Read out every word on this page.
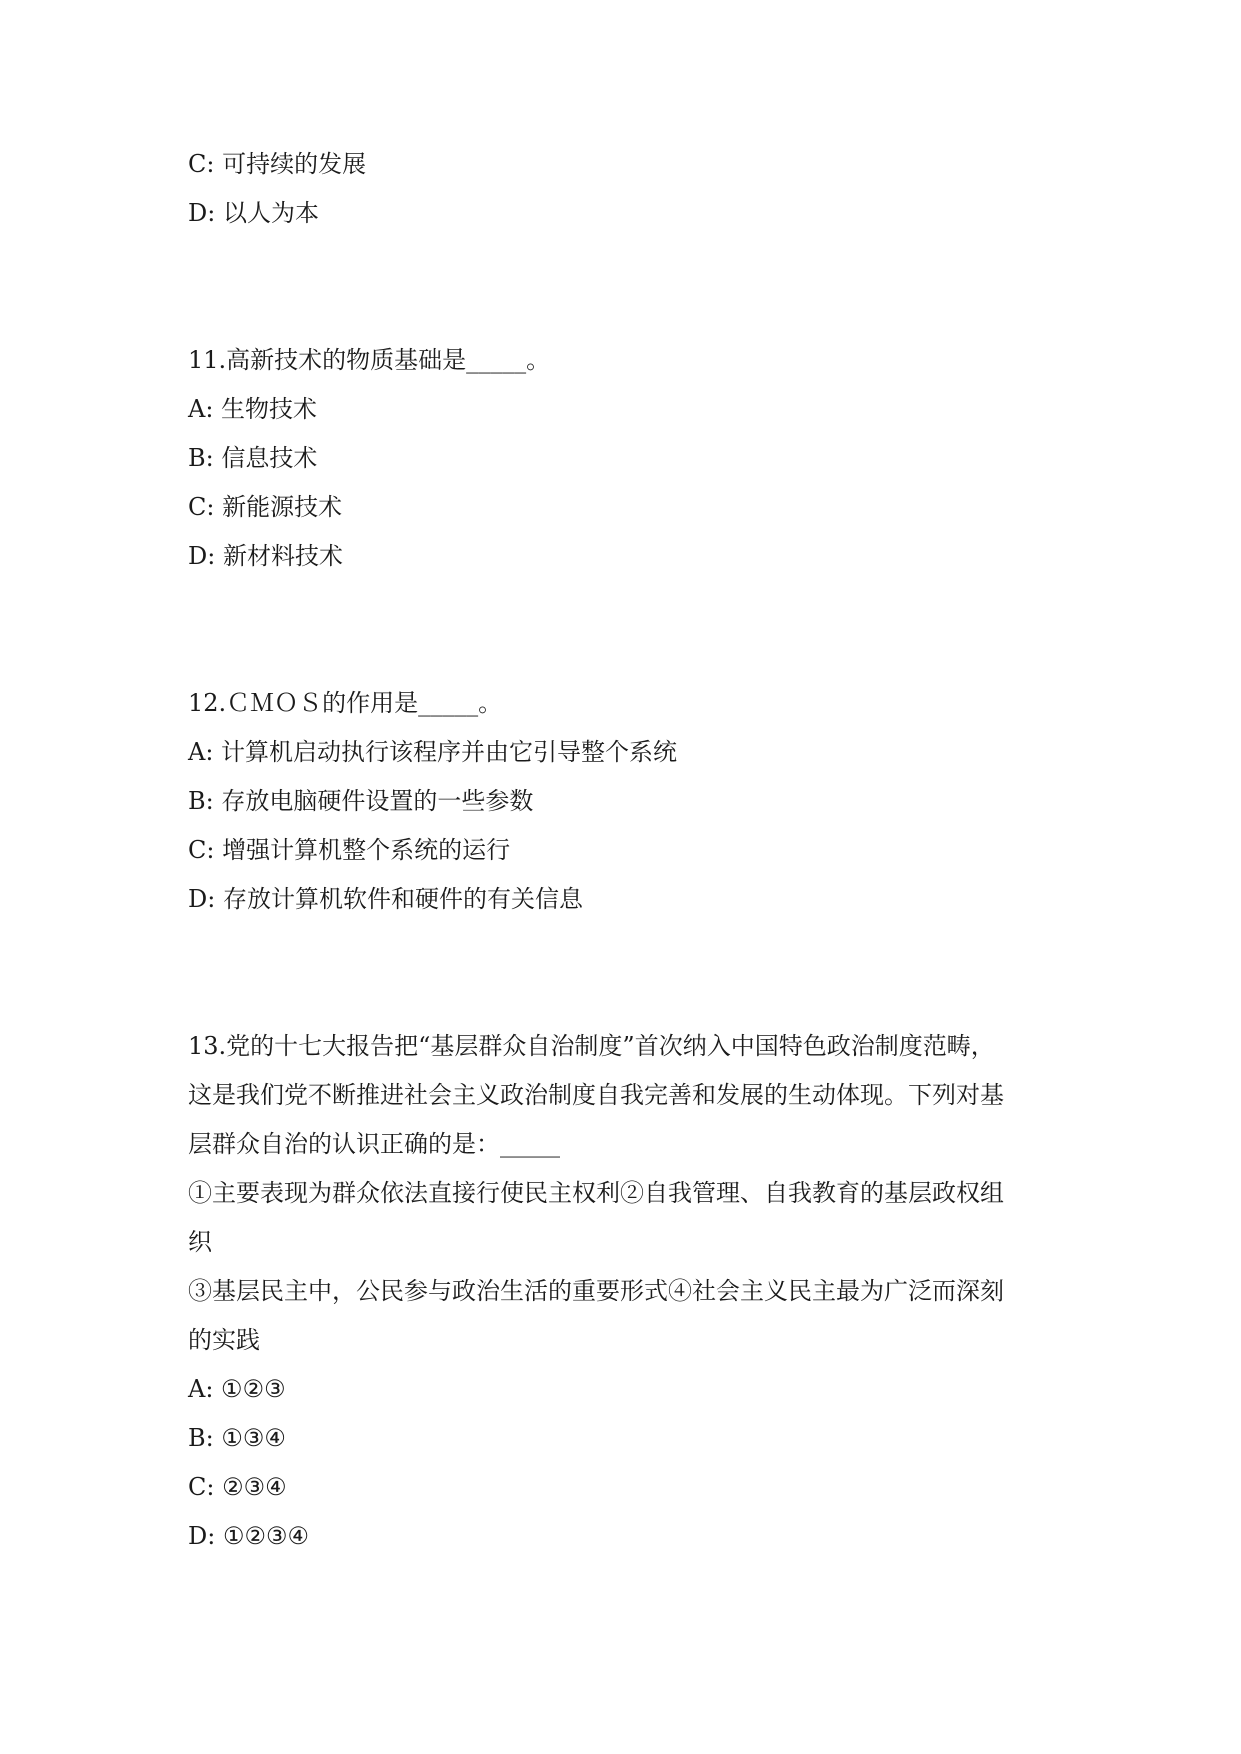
C: 可持续的发展
D: 以人为本
11.高新技术的物质基础是_____。
A: 生物技术
B: 信息技术
C: 新能源技术
D: 新材料技术
12.ＣＭＯＳ的作用是_____。
A: 计算机启动执行该程序并由它引导整个系统
B: 存放电脑硬件设置的一些参数
C: 增强计算机整个系统的运行
D: 存放计算机软件和硬件的有关信息
13.党的十七大报告把“基层群众自治制度”首次纳入中国特色政治制度范畴，
这是我们党不断推进社会主义政治制度自我完善和发展的生动体现。下列对基
层群众自治的认识正确的是：_____
①主要表现为群众依法直接行使民主权利②自我管理、自我教育的基层政权组
织
③基层民主中，公民参与政治生活的重要形式④社会主义民主最为广泛而深刻
的实践
A: ①②③
B: ①③④
C: ②③④
D: ①②③④
